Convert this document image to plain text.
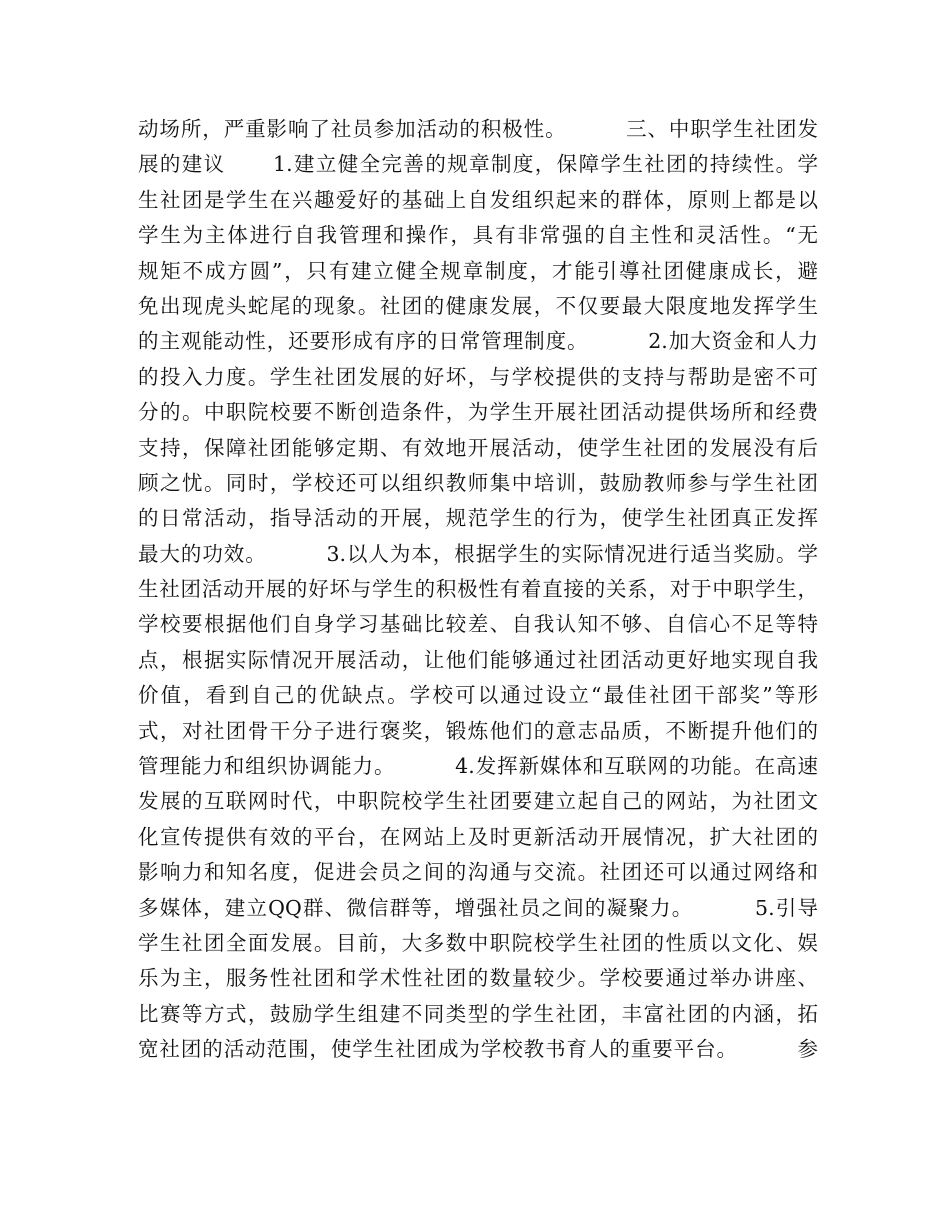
动场所，严重影响了社员参加活动的积极性。        三、中职学生社团发
展的建议      1.建立健全完善的规章制度，保障学生社团的持续性。学
生社团是学生在兴趣爱好的基础上自发组织起来的群体，原则上都是以
学生为主体进行自我管理和操作，具有非常强的自主性和灵活性。“无
规矩不成方圆”，只有建立健全规章制度，才能引導社团健康成长，避
免出现虎头蛇尾的现象。社团的健康发展，不仅要最大限度地发挥学生
的主观能动性，还要形成有序的日常管理制度。        2.加大资金和人力
的投入力度。学生社团发展的好坏，与学校提供的支持与帮助是密不可
分的。中职院校要不断创造条件，为学生开展社团活动提供场所和经费
支持，保障社团能够定期、有效地开展活动，使学生社团的发展没有后
顾之忧。同时，学校还可以组织教师集中培训，鼓励教师参与学生社团
的日常活动，指导活动的开展，规范学生的行为，使学生社团真正发挥
最大的功效。        3.以人为本，根据学生的实际情况进行适当奖励。学
生社团活动开展的好坏与学生的积极性有着直接的关系，对于中职学生，
学校要根据他们自身学习基础比较差、自我认知不够、自信心不足等特
点，根据实际情况开展活动，让他们能够通过社团活动更好地实现自我
价值，看到自己的优缺点。学校可以通过设立“最佳社团干部奖”等形
式，对社团骨干分子进行褒奖，锻炼他们的意志品质，不断提升他们的
管理能力和组织协调能力。        4.发挥新媒体和互联网的功能。在高速
发展的互联网时代，中职院校学生社团要建立起自己的网站，为社团文
化宣传提供有效的平台，在网站上及时更新活动开展情况，扩大社团的
影响力和知名度，促进会员之间的沟通与交流。社团还可以通过网络和
多媒体，建立QQ群、微信群等，增强社员之间的凝聚力。        5.引导
学生社团全面发展。目前，大多数中职院校学生社团的性质以文化、娱
乐为主，服务性社团和学术性社团的数量较少。学校要通过举办讲座、
比赛等方式，鼓励学生组建不同类型的学生社团，丰富社团的内涵，拓
宽社团的活动范围，使学生社团成为学校教书育人的重要平台。        参
